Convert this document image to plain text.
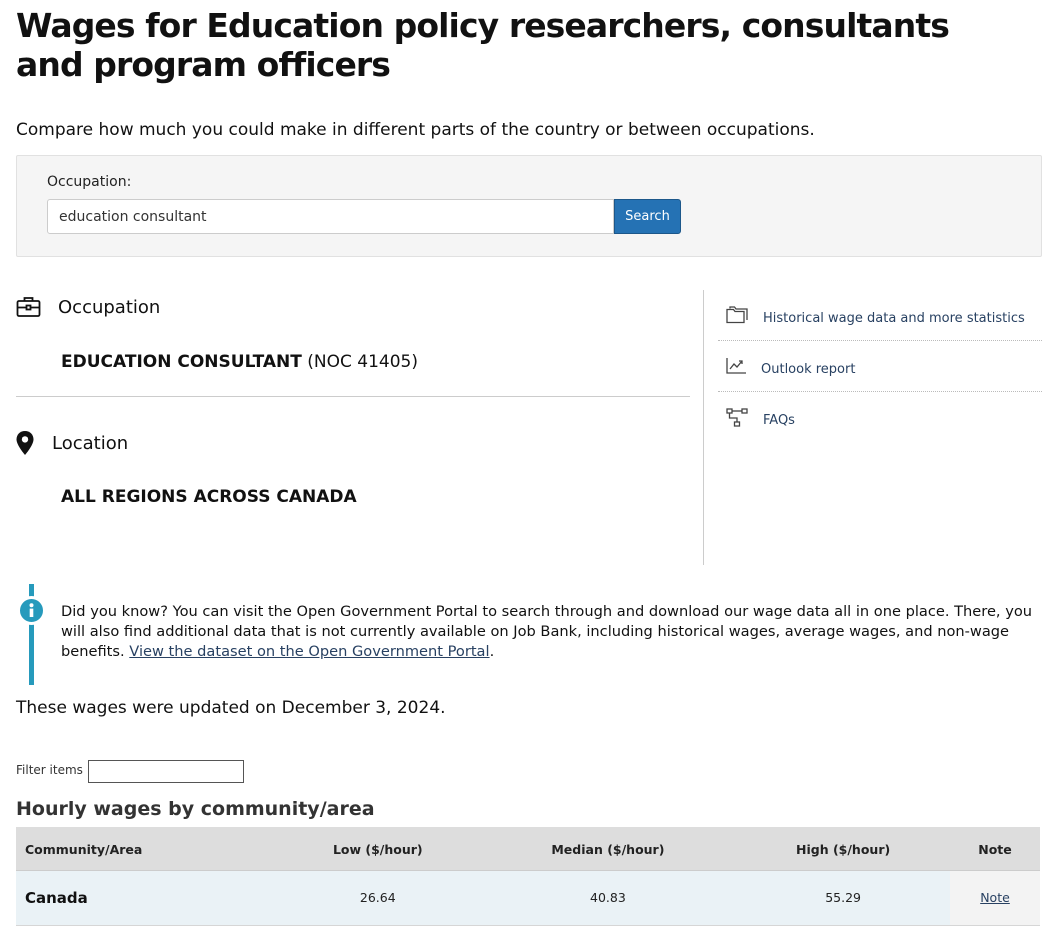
Wages for Education policy researchers, consultants and program officers

Compare how much you could make in different parts of the country or between occupations.

Occupation:
education consultant
Search
Occupation
EDUCATION CONSULTANT (NOC 41405)
Location
ALL REGIONS ACROSS CANADA
Historical wage data and more statistics
Outlook report
FAQs

Did you know? You can visit the Open Government Portal to search through and download our wage data all in one place. There, you will also find additional data that is not currently available on Job Bank, including historical wages, average wages, and non-wage benefits. View the dataset on the Open Government Portal.

These wages were updated on December 3, 2024.

Filter items
Hourly wages by community/area
Community/Area	Low ($/hour)	Median ($/hour)	High ($/hour)	Note
Canada	26.64	40.83	55.29	Note
